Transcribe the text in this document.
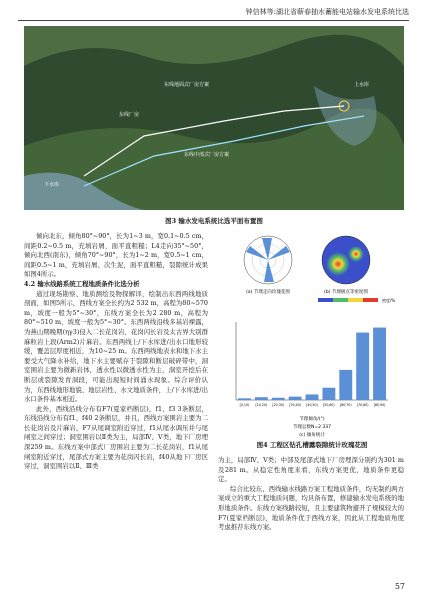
钟信林等:湖北省蕲春抽水蓄能电站输水发电系统比选
东线厂房
东线地面式厂房方案
东线中部式厂房方案
下水库
上水库
图3 输水发电系统比选平面布置图

倾向北东，倾角80°~90°，长为1~3 m，宽0.1~0.5 cm，间距0.2~0.5 m，充填岩屑，面平直粗糙；L4走向35°~50°，倾向北西(南东)，倾角70°~90°，长为1~2 m，宽0.5~1 cm，间距0.5~1 m，充填岩屑、次生泥，面平直粗糙，裂隙统计成果如图4所示。

4.2 输水线路系统工程地质条件比选分析

通过现场勘察、地质测绘及物探解译，绘制出东西两线地质剖面，如图5所示，西线方案全长约为2 532 m，高程为80~570 m，坡度一般为5°~30°，东线方案全长为2 280 m，高程为80°~510 m，坡度一般为5°~30°。东西两线沿线多基岩裸露，为燕山期晚期(ηγ3)侵入二长花岗岩、花岗闪长岩及太古界大别群麻粒岩上段(Arm2)片麻岩。东西两线上/下水库进/出水口地形较缓，覆盖层厚度相近，为10~25 m。东西两线地表水和地下水主要受大气降水补给，地下水主要赋存于裂隙和断层破碎带中，洞室围岩主要为微新岩体，透水性以微透水性为主，洞室开挖后在断层或裂隙发育洞段，可能出现短时间涌水现象。综合评价认为，东西线地形地貌、地层岩性、水文地质条件，上/下水库进/出水口条件基本相近。

此外，西线沿线分布有F7(夏家档断层)，f1、f3 3条断层，东线沿线分布有f1、f40 2条断层，并且，西线方案围岩主要为二长花岗岩及片麻岩，F7从尾调室附近穿过，f1从尾水调压井与尾闸室之间穿过；洞室围岩以Ⅱ类为主，局部Ⅳ、Ⅴ类，地下厂房埋深259 m。东线方案中部式厂房围岩主要为二长花岗岩，f1从尾闸室附近穿过，尾部式方案主要为花岗闪长岩，f40从地下厂房区穿过，洞室围岩以Ⅱ、Ⅲ类

(a) 节理走向玫瑰花图	(b) 节理极点等密度图
密度/%
[0,10) [10,20) [20,30) [30,40) [40,50) [50,60) [60,70) [70,80) [80,90)
节理倾角/(°)
节理总数N=2 337
(c) 倾角统计
图4 工程区钻孔槽露裂隙统计玫瑰花图

为主，局部Ⅳ、Ⅴ类；中部及尾部式地下厂房埋深分别约为301 m及281 m。从稳定性角度来看，东线方案更优，地质条件更稳定。

综合比较东、西线输水线路方案工程地质条件，均无制约两方案成立的重大工程地质问题，均具备布置，修建输水发电系统的地形地质条件。东线方案线路较短，且主要建筑物避开了规模较大的F7(夏家档断层)，地质条件优于西线方案，因此从工程地质角度考虑推荐东线方案。

57
